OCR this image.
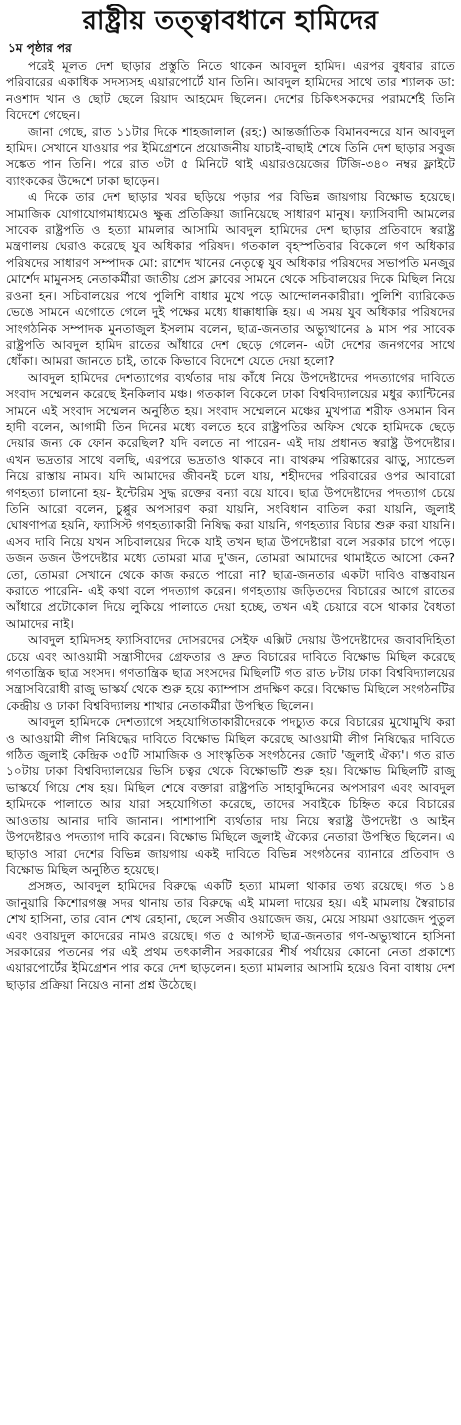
রাষ্ট্রীয় তত্ত্বাবধানে হামিদের
১ম পৃষ্ঠার পর

পরেই মূলত দেশ ছাড়ার প্রস্তুতি নিতে থাকেন আবদুল হামিদ। এরপর বুধবার রাতে পরিবারের একাধিক সদস্যসহ এয়ারপোর্টে যান তিনি। আবদুল হামিদের সাথে তার শ্যালক ডা: নওশাদ খান ও ছোট ছেলে রিয়াদ আহমেদ ছিলেন। দেশের চিকিৎসকদের পরামর্শেই তিনি বিদেশে গেছেন।

জানা গেছে, রাত ১১টার দিকে শাহজালাল (রহ:) আন্তর্জাতিক বিমানবন্দরে যান আবদুল হামিদ। সেখানে যাওয়ার পর ইমিগ্রেশনে প্রয়োজনীয় যাচাই-বাছাই শেষে তিনি দেশ ছাড়ার সবুজ সঙ্কেত পান তিনি। পরে রাত ৩টা ৫ মিনিটে থাই এয়ারওয়েজের টিজি-৩৪০ নম্বর ফ্লাইটে ব্যাংককের উদ্দেশে ঢাকা ছাড়েন।

এ দিকে তার দেশ ছাড়ার খবর ছড়িয়ে পড়ার পর বিভিন্ন জায়গায় বিক্ষোভ হয়েছে। সামাজিক যোগাযোগমাধ্যমেও ক্ষুব্ধ প্রতিক্রিয়া জানিয়েছে সাধারণ মানুষ। ফ্যাসিবাদী আমলের সাবেক রাষ্ট্রপতি ও হত্যা মামলার আসামি আবদুল হামিদের দেশ ছাড়ার প্রতিবাদে স্বরাষ্ট্র মন্ত্রণালয় ঘেরাও করেছে যুব অধিকার পরিষদ। গতকাল বৃহস্পতিবার বিকেলে গণ অধিকার পরিষদের সাধারণ সম্পাদক মো: রাশেদ খানের নেতৃত্বে যুব অধিকার পরিষদের সভাপতি মনজুর মোর্শেদ মামুনসহ নেতাকর্মীরা জাতীয় প্রেস ক্লাবের সামনে থেকে সচিবালয়ের দিকে মিছিল নিয়ে রওনা হন। সচিবালয়ের পথে পুলিশি বাধার মুখে পড়ে আন্দোলনকারীরা। পুলিশি ব্যারিকেড ভেঙে সামনে এগোতে গেলে দুই পক্ষের মধ্যে ধাক্কাধাক্কি হয়। এ সময় যুব অধিকার পরিষদের সাংগঠনিক সম্পাদক মুনতাজুল ইসলাম বলেন, ছাত্র-জনতার অভ্যুত্থানের ৯ মাস পর সাবেক রাষ্ট্রপতি আবদুল হামিদ রাতের আঁধারে দেশ ছেড়ে গেলেন- এটা দেশের জনগণের সাথে ধোঁকা। আমরা জানতে চাই, তাকে কিভাবে বিদেশে যেতে দেয়া হলো?

আবদুল হামিদের দেশত্যাগের ব্যর্থতার দায় কাঁধে নিয়ে উপদেষ্টাদের পদত্যাগের দাবিতে সংবাদ সম্মেলন করেছে ইনকিলাব মঞ্চ। গতকাল বিকেলে ঢাকা বিশ্ববিদ্যালয়ের মধুর ক্যান্টিনের সামনে এই সংবাদ সম্মেলন অনুষ্ঠিত হয়। সংবাদ সম্মেলনে মঞ্চের মুখপাত্র শরীফ ওসমান বিন হাদী বলেন, আগামী তিন দিনের মধ্যে বলতে হবে রাষ্ট্রপতির অফিস থেকে হামিদকে ছেড়ে দেয়ার জন্য কে ফোন করেছিল? যদি বলতে না পারেন- এই দায় প্রধানত স্বরাষ্ট্র উপদেষ্টার। এখন ভদ্রতার সাথে বলছি, এরপরে ভদ্রতাও থাকবে না। বাথরুম পরিষ্কারের ঝাড়ু, স্যান্ডেল নিয়ে রাস্তায় নামব। যদি আমাদের জীবনই চলে যায়, শহীদদের পরিবারের ওপর আবারো গণহত্যা চালানো হয়- ইন্টেরিম সুদ্ধ রক্তের বন্যা বয়ে যাবে। ছাত্র উপদেষ্টাদের পদত্যাগ চেয়ে তিনি আরো বলেন, চুপ্পুর অপসারণ করা যায়নি, সংবিধান বাতিল করা যায়নি, জুলাই ঘোষণাপত্র হয়নি, ফ্যাসিস্ট গণহত্যাকারী নিষিদ্ধ করা যায়নি, গণহত্যার বিচার শুরু করা যায়নি। এসব দাবি নিয়ে যখন সচিবালয়ের দিকে যাই তখন ছাত্র উপদেষ্টারা বলে সরকার চাপে পড়ে। ডজন ডজন উপদেষ্টার মধ্যে তোমরা মাত্র দু'জন, তোমরা আমাদের থামাইতে আসো কেন? তো, তোমরা সেখানে থেকে কাজ করতে পারো না? ছাত্র-জনতার একটা দাবিও বাস্তবায়ন করাতে পারেনি- এই কথা বলে পদত্যাগ করেন। গণহত্যায় জড়িতদের বিচারের আগে রাতের আঁধারে প্রটোকোল দিয়ে লুকিয়ে পালাতে দেয়া হচ্ছে, তখন এই চেয়ারে বসে থাকার বৈধতা আমাদের নাই।

আবদুল হামিদসহ ফ্যাসিবাদের দোসরদের সেইফ এক্সিট দেয়ায় উপদেষ্টাদের জবাবদিহিতা চেয়ে এবং আওয়ামী সন্ত্রাসীদের গ্রেফতার ও দ্রুত বিচারের দাবিতে বিক্ষোভ মিছিল করেছে গণতান্ত্রিক ছাত্র সংসদ। গণতান্ত্রিক ছাত্র সংসদের মিছিলটি গত রাত ৮টায় ঢাকা বিশ্ববিদ্যালয়ের সন্ত্রাসবিরোধী রাজু ভাস্কর্য থেকে শুরু হয়ে ক্যাম্পাস প্রদক্ষিণ করে। বিক্ষোভ মিছিলে সংগঠনটির কেন্দ্রীয় ও ঢাকা বিশ্ববিদ্যালয় শাখার নেতাকর্মীরা উপস্থিত ছিলেন।

আবদুল হামিদকে দেশত্যাগে সহযোগিতাকারীদেরকে পদচ্যুত করে বিচারের মুখোমুখি করা ও আওয়ামী লীগ নিষিদ্ধের দাবিতে বিক্ষোভ মিছিল করেছে আওয়ামী লীগ নিষিদ্ধের দাবিতে গঠিত জুলাই কেন্দ্রিক ৩৫টি সামাজিক ও সাংস্কৃতিক সংগঠনের জোট 'জুলাই ঐক্য'। গত রাত ১০টায় ঢাকা বিশ্ববিদ্যালয়ের ভিসি চত্বর থেকে বিক্ষোভটি শুরু হয়। বিক্ষোভ মিছিলটি রাজু ভাস্কর্যে গিয়ে শেষ হয়। মিছিল শেষে বক্তারা রাষ্ট্রপতি সাহাবুদ্দিনের অপসারণ এবং আবদুল হামিদকে পালাতে আর যারা সহযোগিতা করেছে, তাদের সবাইকে চিহ্নিত করে বিচারের আওতায় আনার দাবি জানান। পাশাপাশি ব্যর্থতার দায় নিয়ে স্বরাষ্ট্র উপদেষ্টা ও আইন উপদেষ্টারও পদত্যাগ দাবি করেন। বিক্ষোভ মিছিলে জুলাই ঐক্যের নেতারা উপস্থিত ছিলেন। এ ছাড়াও সারা দেশের বিভিন্ন জায়গায় একই দাবিতে বিভিন্ন সংগঠনের ব্যানারে প্রতিবাদ ও বিক্ষোভ মিছিল অনুষ্ঠিত হয়েছে।

প্রসঙ্গত, আবদুল হামিদের বিরুদ্ধে একটি হত্যা মামলা থাকার তথ্য রয়েছে। গত ১৪ জানুয়ারি কিশোরগঞ্জ সদর থানায় তার বিরুদ্ধে এই মামলা দায়ের হয়। এই মামলায় স্বৈরাচার শেখ হাসিনা, তার বোন শেখ রেহানা, ছেলে সজীব ওয়াজেদ জয়, মেয়ে সায়মা ওয়াজেদ পুতুল এবং ওবায়দুল কাদেরের নামও রয়েছে। গত ৫ আগস্ট ছাত্র-জনতার গণ-অভ্যুত্থানে হাসিনা সরকারের পতনের পর এই প্রথম তৎকালীন সরকারের শীর্ষ পর্যায়ের কোনো নেতা প্রকাশ্যে এয়ারপোর্টের ইমিগ্রেশন পার করে দেশ ছাড়লেন। হত্যা মামলার আসামি হয়েও বিনা বাধায় দেশ ছাড়ার প্রক্রিয়া নিয়েও নানা প্রশ্ন উঠেছে।
